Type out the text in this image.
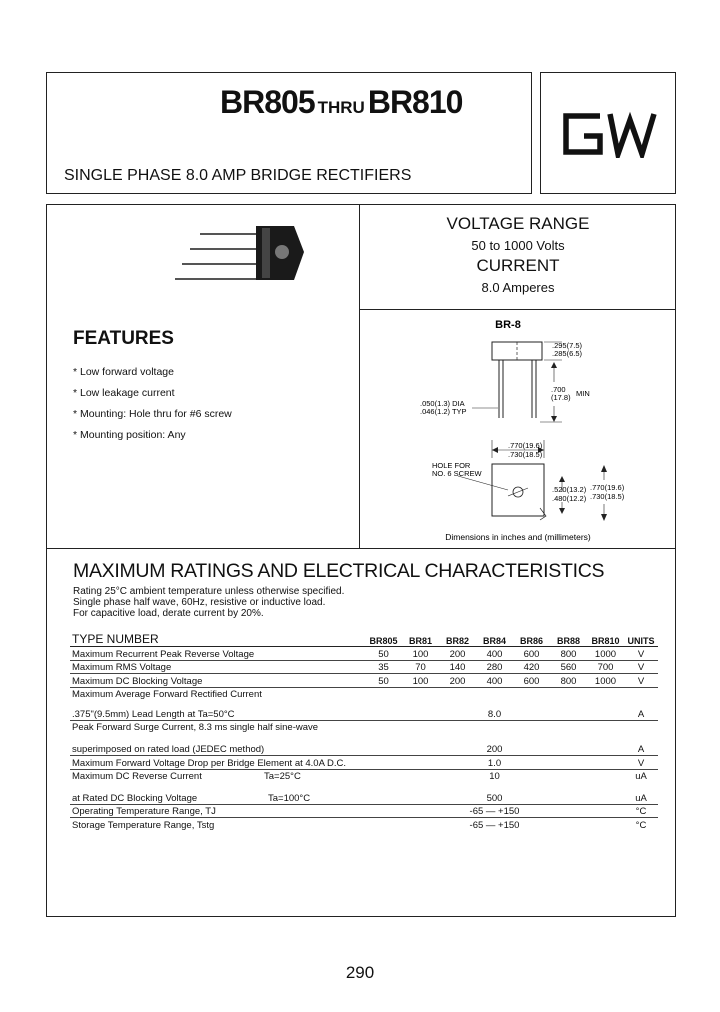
BR805 THRUBR810
SINGLE PHASE 8.0 AMP BRIDGE RECTIFIERS
GW
VOLTAGE RANGE
50 to 1000 Volts
CURRENT
8.0 Amperes
FEATURES
* Low forward voltage
* Low leakage current
* Mounting: Hole thru for #6 screw
* Mounting position: Any
BR-8
.295(7.5)
.285(6.5)
.700
(17.8) MIN
.050(1.3) DIA
.046(1.2) TYP
.770(19.6)
.730(18.5)
HOLE FOR
NO. 6 SCREW
.520(13.2)
.480(12.2)
.770(19.6)
.730(18.5)
Dimensions in inches and (millimeters)
MAXIMUM RATINGS AND ELECTRICAL CHARACTERISTICS
Rating 25°C ambient temperature unless otherwise specified.
Single phase half wave, 60Hz, resistive or inductive load.
For capacitive load, derate current by 20%.
TYPE NUMBER	BR805	BR81	BR82	BR84	BR86	BR88	BR810	UNITS
Maximum Recurrent Peak Reverse Voltage	50	100	200	400	600	800	1000	V
Maximum RMS Voltage	35	70	140	280	420	560	700	V
Maximum DC Blocking Voltage	50	100	200	400	600	800	1000	V
Maximum Average Forward Rectified Current								
.375"(9.5mm) Lead Length at Ta=50°C	8.0							A
Peak Forward Surge Current, 8.3 ms single half sine-wave								
superimposed on rated load (JEDEC method)	200							A
Maximum Forward Voltage Drop per Bridge Element at 4.0A D.C.	1.0							V
Maximum DC Reverse Current Ta=25°C	10							uA
at Rated DC Blocking Voltage Ta=100°C	500							uA
Operating Temperature Range, TJ	-65 — +150							°C
Storage Temperature Range, Tstg	-65 — +150							°C
290
